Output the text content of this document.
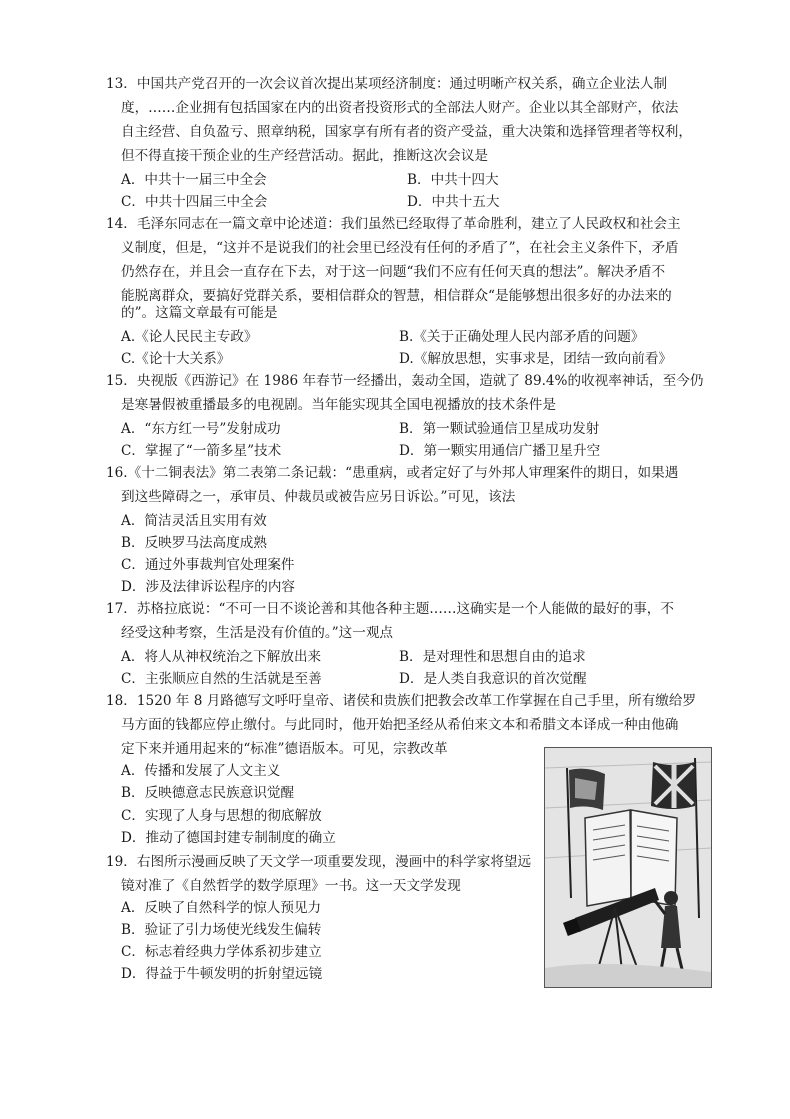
13．中国共产党召开的一次会议首次提出某项经济制度：通过明晰产权关系，确立企业法人制
度，……企业拥有包括国家在内的出资者投资形式的全部法人财产。企业以其全部财产，依法
自主经营、自负盈亏、照章纳税，国家享有所有者的资产受益，重大决策和选择管理者等权利，
但不得直接干预企业的生产经营活动。据此，推断这次会议是
A．中共十一届三中全会	B．中共十四大
C．中共十四届三中全会	D．中共十五大
14．毛泽东同志在一篇文章中论述道：我们虽然已经取得了革命胜利，建立了人民政权和社会主
义制度，但是，“这并不是说我们的社会里已经没有任何的矛盾了”，在社会主义条件下，矛盾
仍然存在，并且会一直存在下去，对于这一问题“我们不应有任何天真的想法”。解决矛盾不
能脱离群众，要搞好党群关系，要相信群众的智慧，相信群众“是能够想出很多好的办法来的
的”。这篇文章最有可能是
A.《论人民民主专政》	B.《关于正确处理人民内部矛盾的问题》
C.《论十大关系》	D.《解放思想，实事求是，团结一致向前看》
15．央视版《西游记》在 1986 年春节一经播出，轰动全国，造就了 89.4%的收视率神话，至今仍
是寒暑假被重播最多的电视剧。当年能实现其全国电视播放的技术条件是
A．“东方红一号”发射成功	B．第一颗试验通信卫星成功发射
C．掌握了“一箭多星”技术	D．第一颗实用通信广播卫星升空
16.《十二铜表法》第二表第二条记载：“患重病，或者定好了与外邦人审理案件的期日，如果遇
到这些障碍之一，承审员、仲裁员或被告应另日诉讼。”可见，该法
A．简洁灵活且实用有效
B．反映罗马法高度成熟
C．通过外事裁判官处理案件
D．涉及法律诉讼程序的内容
17．苏格拉底说：“不可一日不谈论善和其他各种主题……这确实是一个人能做的最好的事，不
经受这种考察，生活是没有价值的。”这一观点
A．将人从神权统治之下解放出来	B．是对理性和思想自由的追求
C．主张顺应自然的生活就是至善	D．是人类自我意识的首次觉醒
18．1520 年 8 月路德写文呼吁皇帝、诸侯和贵族们把教会改革工作掌握在自己手里，所有缴给罗
马方面的钱都应停止缴付。与此同时，他开始把圣经从希伯来文本和希腊文本译成一种由他确
定下来并通用起来的“标准”德语版本。可见，宗教改革
A．传播和发展了人文主义
B．反映德意志民族意识觉醒
C．实现了人身与思想的彻底解放
D．推动了德国封建专制制度的确立
19．右图所示漫画反映了天文学一项重要发现，漫画中的科学家将望远
镜对准了《自然哲学的数学原理》一书。这一天文学发现
A．反映了自然科学的惊人预见力
B．验证了引力场使光线发生偏转
C．标志着经典力学体系初步建立
D．得益于牛顿发明的折射望远镜
